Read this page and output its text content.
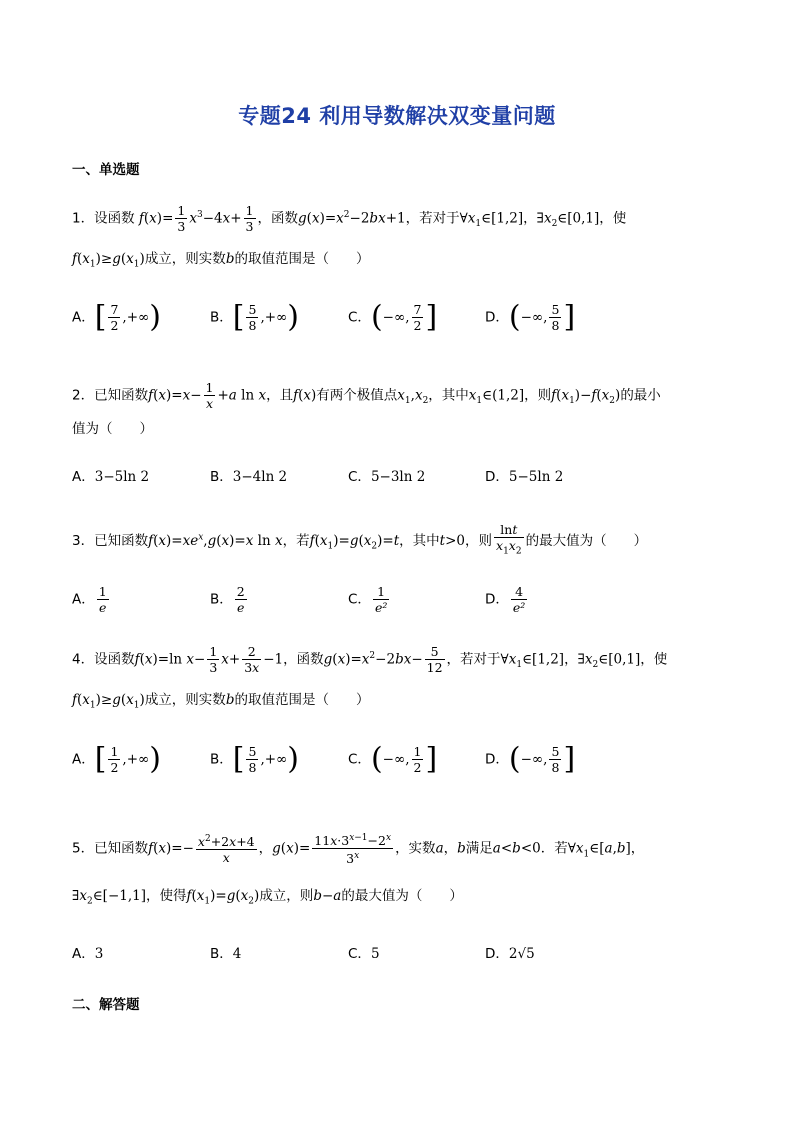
专题24 利用导数解决双变量问题
一、单选题
1．设函数 $f(x)= \frac{1}{3} x^3-4x+ \frac{1}{3}$ ，函数$g(x)=x^2-2bx+1$，若对于$\forall x_1\in[1,2]$，$\exists x_2\in[0,1]$，使
$f(x_1)\ge g(x_1)$成立，则实数b的取值范围是（　　）
A．[ $\frac{7}{2}$ ,+∞)	B．[ $\frac{5}{8}$ ,+∞)	C．(−∞, $\frac{7}{2}$ ]	D．(−∞, $\frac{5}{8}$ ]
2．已知函数$f(x)=x- \frac{1}{x} +a$ ln x，且f(x)有两个极值点$x_1,x_2$，其中$x_1\in(1,2]$，则$f(x_1)-f(x_2)$的最小
值为（　　）
A．3−5ln 2	B．3−4ln 2	C．5−3ln 2	D．5−5ln 2
3．已知函数$f(x)=xe^x,g(x)=x$ ln x，若$f(x_1)=g(x_2)=t$，其中t>0，则 $\frac{\ln t}{x_1x_2}$ 的最大值为（　　）
A． $\frac{1}{e}$	B． $\frac{2}{e}$	C． $\frac{1}{\text{e²}}$	D． $\frac{4}{\text{e²}}$
4．设函数f(x)=ln $x- \frac{1}{3} x+ \frac{2}{3x} -1$，函数$g(x)=x^2-2bx- \frac{5}{12}$ ，若对于$\forall x_1\in[1,2]$，$\exists x_2\in[0,1]$，使
$f(x_1)\ge g(x_1)$成立，则实数b的取值范围是（　　）
A．[ $\frac{1}{2}$ ,+∞)	B．[ $\frac{5}{8}$ ,+∞)	C．(−∞, $\frac{1}{2}$ ]	D．(−∞, $\frac{5}{8}$ ]
5．已知函数$f(x)=- \frac{x^2+2x+4}{x}$ ，$g(x)= \frac{11x\cdot 3^{x-1}-2^x}{3^x}$ ，实数a，b满足a<b<0．若$\forall x_1\in[a,b]$，
$\exists x_2\in[-1,1]$，使得$f(x_1)=g(x_2)$成立，则b−a的最大值为（　　）
A．3	B．4	C．5	D．2√5
二、解答题
